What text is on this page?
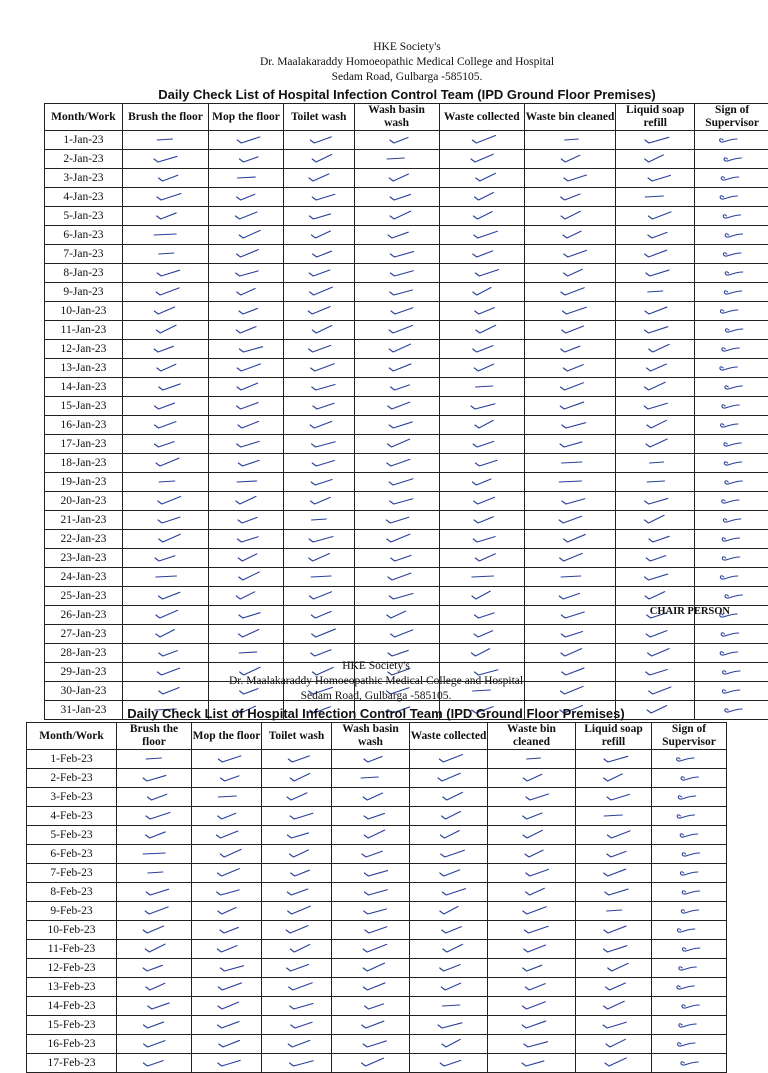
HKE Society's
Dr. Maalakaraddy Homoeopathic Medical College and Hospital
Sedam Road, Gulbarga -585105.
Daily Check List of Hospital Infection Control Team (IPD Ground Floor Premises)
Month/Work	Brush the floor	Mop the floor	Toilet wash	Wash basin wash	Waste collected	Waste bin cleaned	Liquid soap refill	Sign of Supervisor
1-Jan-23	

2-Jan-23	

3-Jan-23	

4-Jan-23	

5-Jan-23	

6-Jan-23	

7-Jan-23	

8-Jan-23	

9-Jan-23	

10-Jan-23	

11-Jan-23	

12-Jan-23	

13-Jan-23	

14-Jan-23	

15-Jan-23	

16-Jan-23	

17-Jan-23	

18-Jan-23	

19-Jan-23	

20-Jan-23	

21-Jan-23	

22-Jan-23	

23-Jan-23	

24-Jan-23	

25-Jan-23	

26-Jan-23	

27-Jan-23	

28-Jan-23	

29-Jan-23	

30-Jan-23	

31-Jan-23	

CHAIR PERSON
HKE Society's
Dr. Maalakaraddy Homoeopathic Medical College and Hospital
Sedam Road, Gulbarga -585105.
Daily Check List of Hospital Infection Control Team (IPD Ground Floor Premises)
Month/Work	Brush the floor	Mop the floor	Toilet wash	Wash basin wash	Waste collected	Waste bin cleaned	Liquid soap refill	Sign of Supervisor
1-Feb-23	

2-Feb-23	

3-Feb-23	

4-Feb-23	

5-Feb-23	

6-Feb-23	

7-Feb-23	

8-Feb-23	

9-Feb-23	

10-Feb-23	

11-Feb-23	

12-Feb-23	

13-Feb-23	

14-Feb-23	

15-Feb-23	

16-Feb-23	

17-Feb-23	
